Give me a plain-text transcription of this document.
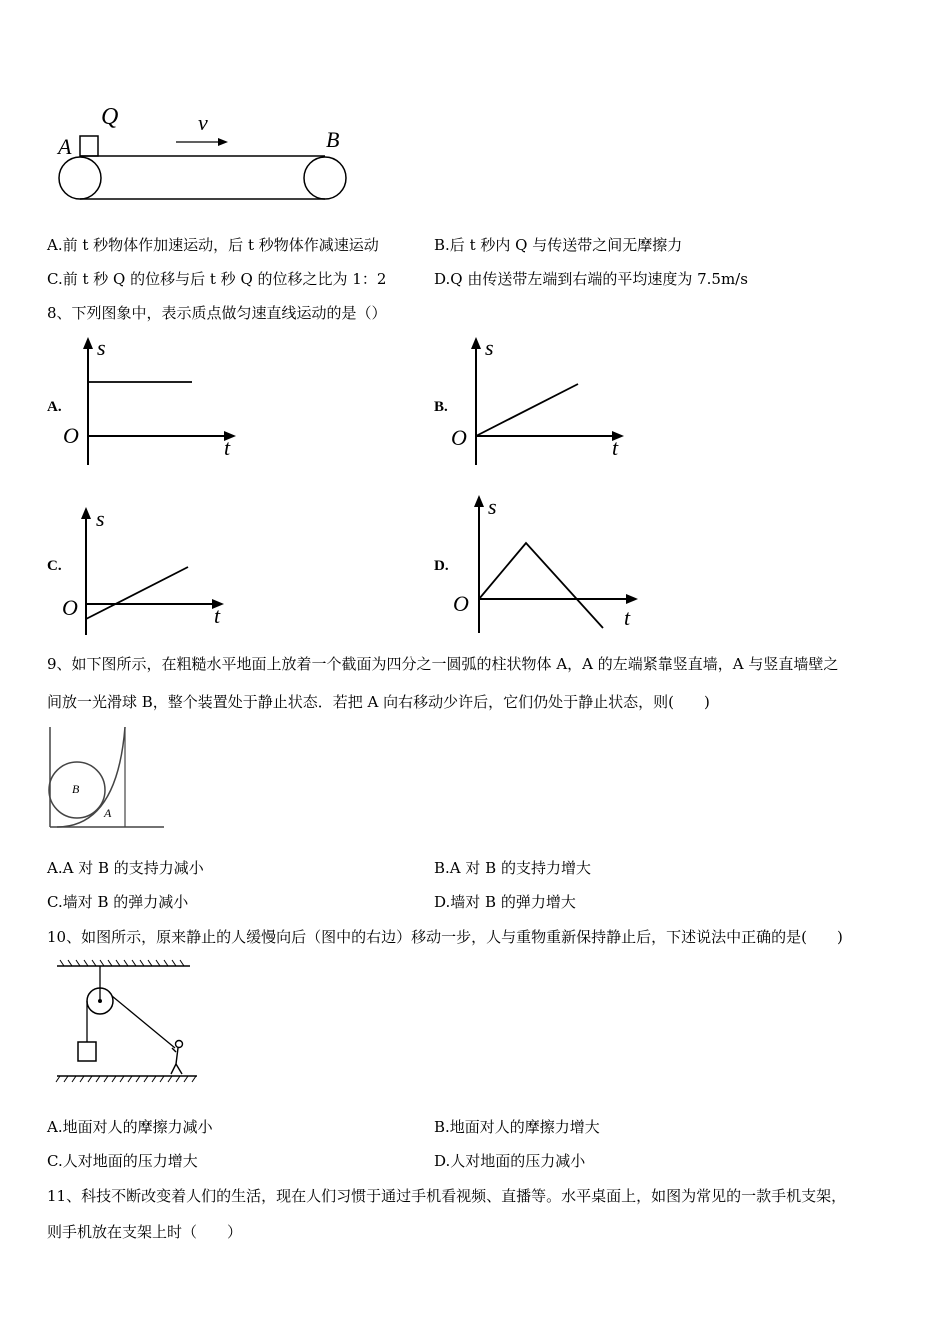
A
Q	v
B
A.前 t 秒物体作加速运动，后 t 秒物体作减速运动	B.后 t 秒内 Q 与传送带之间无摩擦力
C.前 t 秒 Q 的位移与后 t 秒 Q 的位移之比为 1：2	D.Q 由传送带左端到右端的平均速度为 7.5m/s
8、下列图象中，表示质点做匀速直线运动的是（）
A.
s
t
O
B.
s
t
O
C.
s
t
O
D.
s
t
O
9、如下图所示，在粗糙水平地面上放着一个截面为四分之一圆弧的柱状物体 A，A 的左端紧靠竖直墙，A 与竖直墙壁之
间放一光滑球 B，整个装置处于静止状态．若把 A 向右移动少许后，它们仍处于静止状态，则(　　)
B
A
A.A 对 B 的支持力减小	B.A 对 B 的支持力增大
C.墙对 B 的弹力减小	D.墙对 B 的弹力增大
10、如图所示，原来静止的人缓慢向后（图中的右边）移动一步，人与重物重新保持静止后，下述说法中正确的是(　　)
A.地面对人的摩擦力减小	B.地面对人的摩擦力增大
C.人对地面的压力增大	D.人对地面的压力减小
11、科技不断改变着人们的生活，现在人们习惯于通过手机看视频、直播等。水平桌面上，如图为常见的一款手机支架，
则手机放在支架上时（　　）
